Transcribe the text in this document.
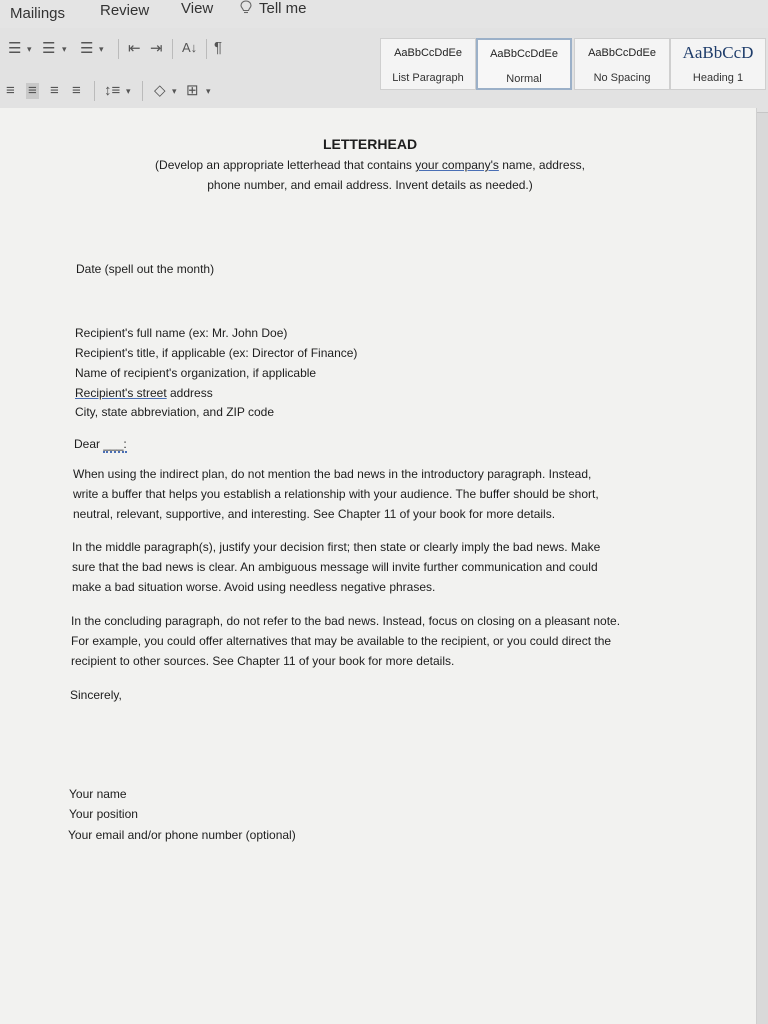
Mailings Review View	Tell me
☰ ▾ ☰ ▾ ☰ ▾ ⇤ ⇥ A↓ ¶
≡ ≡ ≡ ≡ ↕≡ ▾ ◇ ▾ ⊞ ▾
AaBbCcDdEe
List Paragraph
AaBbCcDdEe
Normal
AaBbCcDdEe
No Spacing
AaBbCcD
Heading 1

LETTERHEAD

(Develop an appropriate letterhead that contains your company's name, address,

phone number, and email address. Invent details as needed.)

Date (spell out the month)

Recipient's full name (ex: Mr. John Doe)

Recipient's title, if applicable (ex: Director of Finance)

Name of recipient's organization, if applicable

Recipient's street address

City, state abbreviation, and ZIP code

Dear ___:

When using the indirect plan, do not mention the bad news in the introductory paragraph. Instead,

write a buffer that helps you establish a relationship with your audience. The buffer should be short,

neutral, relevant, supportive, and interesting. See Chapter 11 of your book for more details.

In the middle paragraph(s), justify your decision first; then state or clearly imply the bad news. Make

sure that the bad news is clear. An ambiguous message will invite further communication and could

make a bad situation worse. Avoid using needless negative phrases.

In the concluding paragraph, do not refer to the bad news. Instead, focus on closing on a pleasant note.

For example, you could offer alternatives that may be available to the recipient, or you could direct the

recipient to other sources. See Chapter 11 of your book for more details.

Sincerely,

Your name

Your position

Your email and/or phone number (optional)
